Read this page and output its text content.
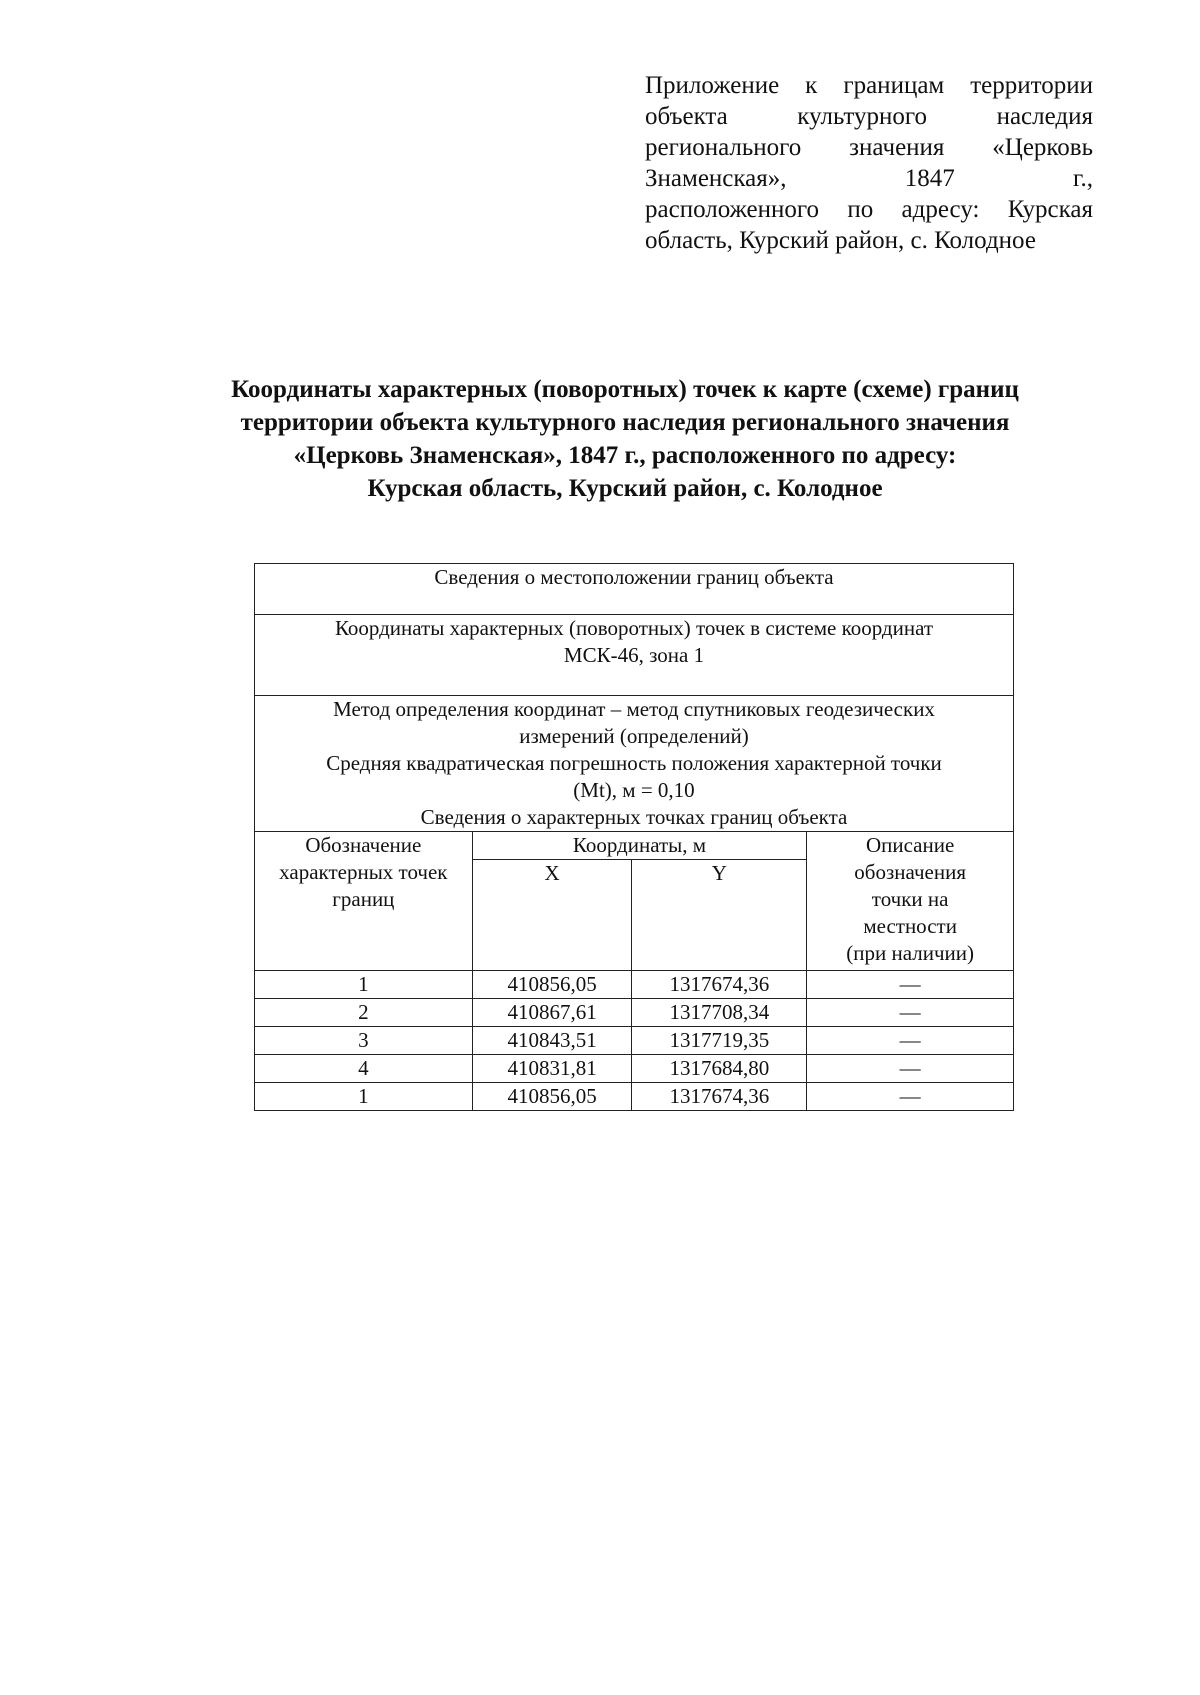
Приложение к границам территории
объекта культурного наследия
регионального значения «Церковь
Знаменская», 1847 г.,
расположенного по адресу: Курская
область, Курский район, с. Колодное
Координаты характерных (поворотных) точек к карте (схеме) границ
территории объекта культурного наследия регионального значения
«Церковь Знаменская», 1847 г., расположенного по адресу:
Курская область, Курский район, с. Колодное
Сведения о местоположении границ объекта			

Координаты характерных (поворотных) точек в системе координат
МСК-46, зона 1			

Метод определения координат – метод спутниковых геодезических
измерений (определений)
Средняя квадратическая погрешность положения характерной точки
(Mt), м = 0,10
Сведения о характерных точках границ объекта			

Обозначение
характерных точек
границ	Координаты, м		Описание
обозначения
точки на
местности
(при наличии)

	X	Y	
1	410856,05	1317674,36	—
2	410867,61	1317708,34	—
3	410843,51	1317719,35	—
4	410831,81	1317684,80	—
1	410856,05	1317674,36	—
